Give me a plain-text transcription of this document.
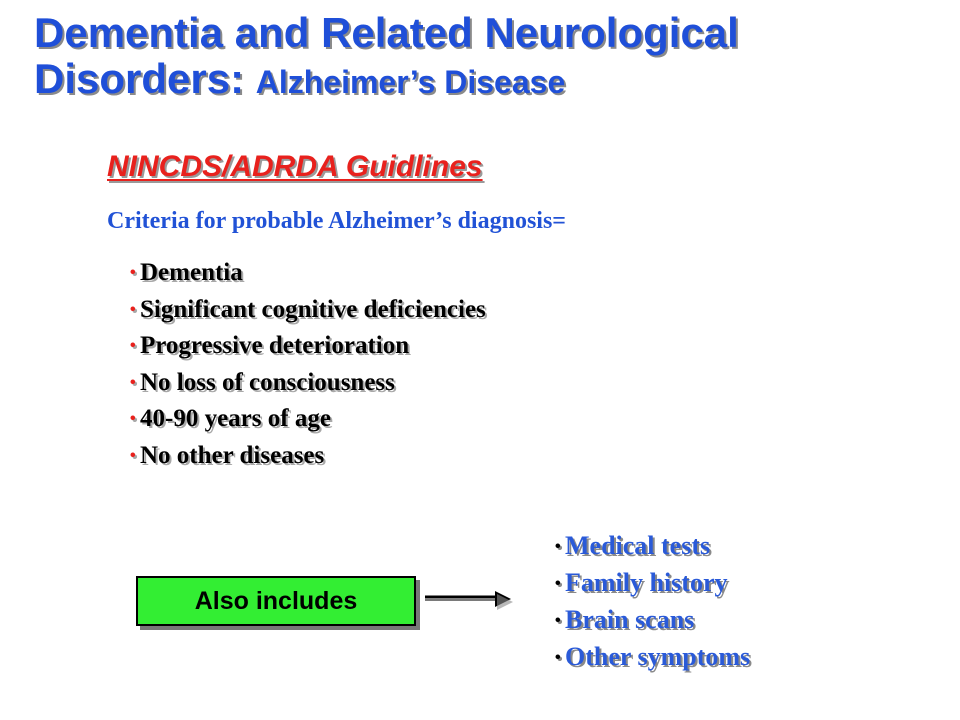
Dementia and Related Neurological Disorders: Alzheimer’s Disease
NINCDS/ADRDA Guidlines
Criteria for probable Alzheimer’s diagnosis=
• Dementia
• Significant cognitive deficiencies
• Progressive deterioration
• No loss of consciousness
• 40-90 years of age
• No other diseases
Also includes
• Medical tests
• Family history
• Brain scans
• Other symptoms
